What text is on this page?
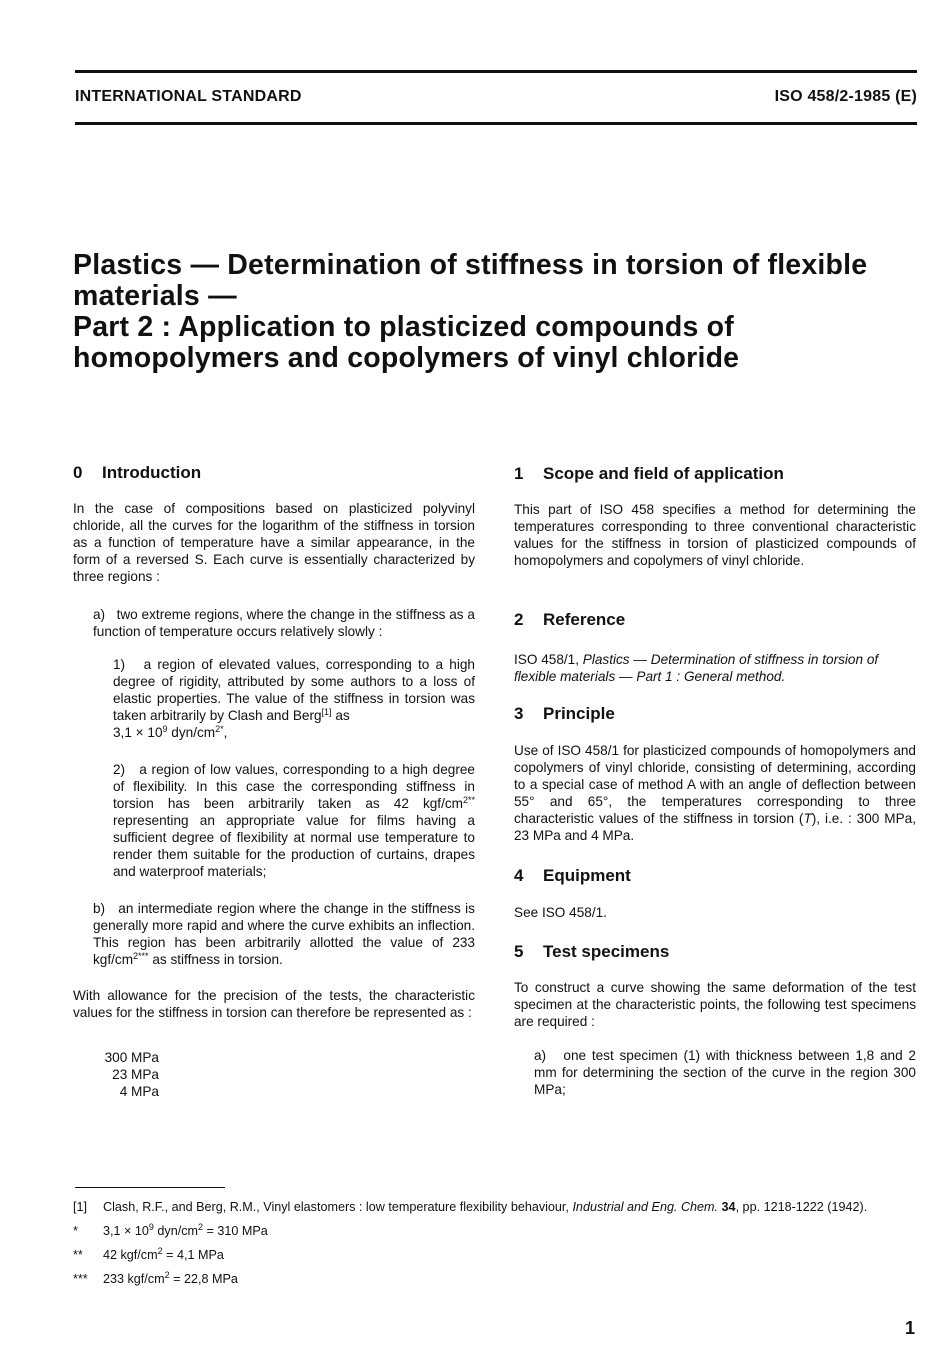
INTERNATIONAL STANDARD	ISO 458/2-1985 (E)
Plastics — Determination of stiffness in torsion of flexible
materials —
Part 2 : Application to plasticized compounds of
homopolymers and copolymers of vinyl chloride
0 Introduction

In the case of compositions based on plasticized polyvinyl chloride, all the curves for the logarithm of the stiffness in torsion as a function of temperature have a similar appearance, in the form of a reversed S. Each curve is essentially characterized by three regions :

a) two extreme regions, where the change in the stiffness as a function of temperature occurs relatively slowly :

1) a region of elevated values, corresponding to a high degree of rigidity, attributed by some authors to a loss of elastic properties. The value of the stiffness in torsion was taken arbitrarily by Clash and Berg[1] as
$3,1 \times 10^9$ dyn/$cm^{2*}$,

2) a region of low values, corresponding to a high degree of flexibility. In this case the corresponding stiffness in torsion has been arbitrarily taken as 42 kgf/$cm^{2**}$ representing an appropriate value for films having a sufficient degree of flexibility at normal use temperature to render them suitable for the production of curtains, drapes and waterproof materials;

b) an intermediate region where the change in the stiffness is generally more rapid and where the curve exhibits an inflection. This region has been arbitrarily allotted the value of 233 kgf/$cm^{2***}$ as stiffness in torsion.

With allowance for the precision of the tests, the characteristic values for the stiffness in torsion can therefore be represented as :

300 MPa
23 MPa
4 MPa
1 Scope and field of application

This part of ISO 458 specifies a method for determining the temperatures corresponding to three conventional characteristic values for the stiffness in torsion of plasticized compounds of homopolymers and copolymers of vinyl chloride.

2 Reference

ISO 458/1, Plastics — Determination of stiffness in torsion of flexible materials — Part 1 : General method.

3 Principle

Use of ISO 458/1 for plasticized compounds of homopolymers and copolymers of vinyl chloride, consisting of determining, according to a special case of method A with an angle of deflection between 55° and 65°, the temperatures corresponding to three characteristic values of the stiffness in torsion (T), i.e. : 300 MPa, 23 MPa and 4 MPa.

4 Equipment

See ISO 458/1.

5 Test specimens

To construct a curve showing the same deformation of the test specimen at the characteristic points, the following test specimens are required :

a) one test specimen (1) with thickness between 1,8 and 2 mm for determining the section of the curve in the region 300 MPa;

[1] Clash, R.F., and Berg, R.M., Vinyl elastomers : low temperature flexibility behaviour, Industrial and Eng. Chem. 34, pp. 1218-1222 (1942).
* $3,1 \times 10^9$ dyn/$cm^2 = 310$ MPa
** 42 kgf/$cm^2 = 4,1$ MPa
*** 233 kgf/$cm^2 = 22,8$ MPa
1
